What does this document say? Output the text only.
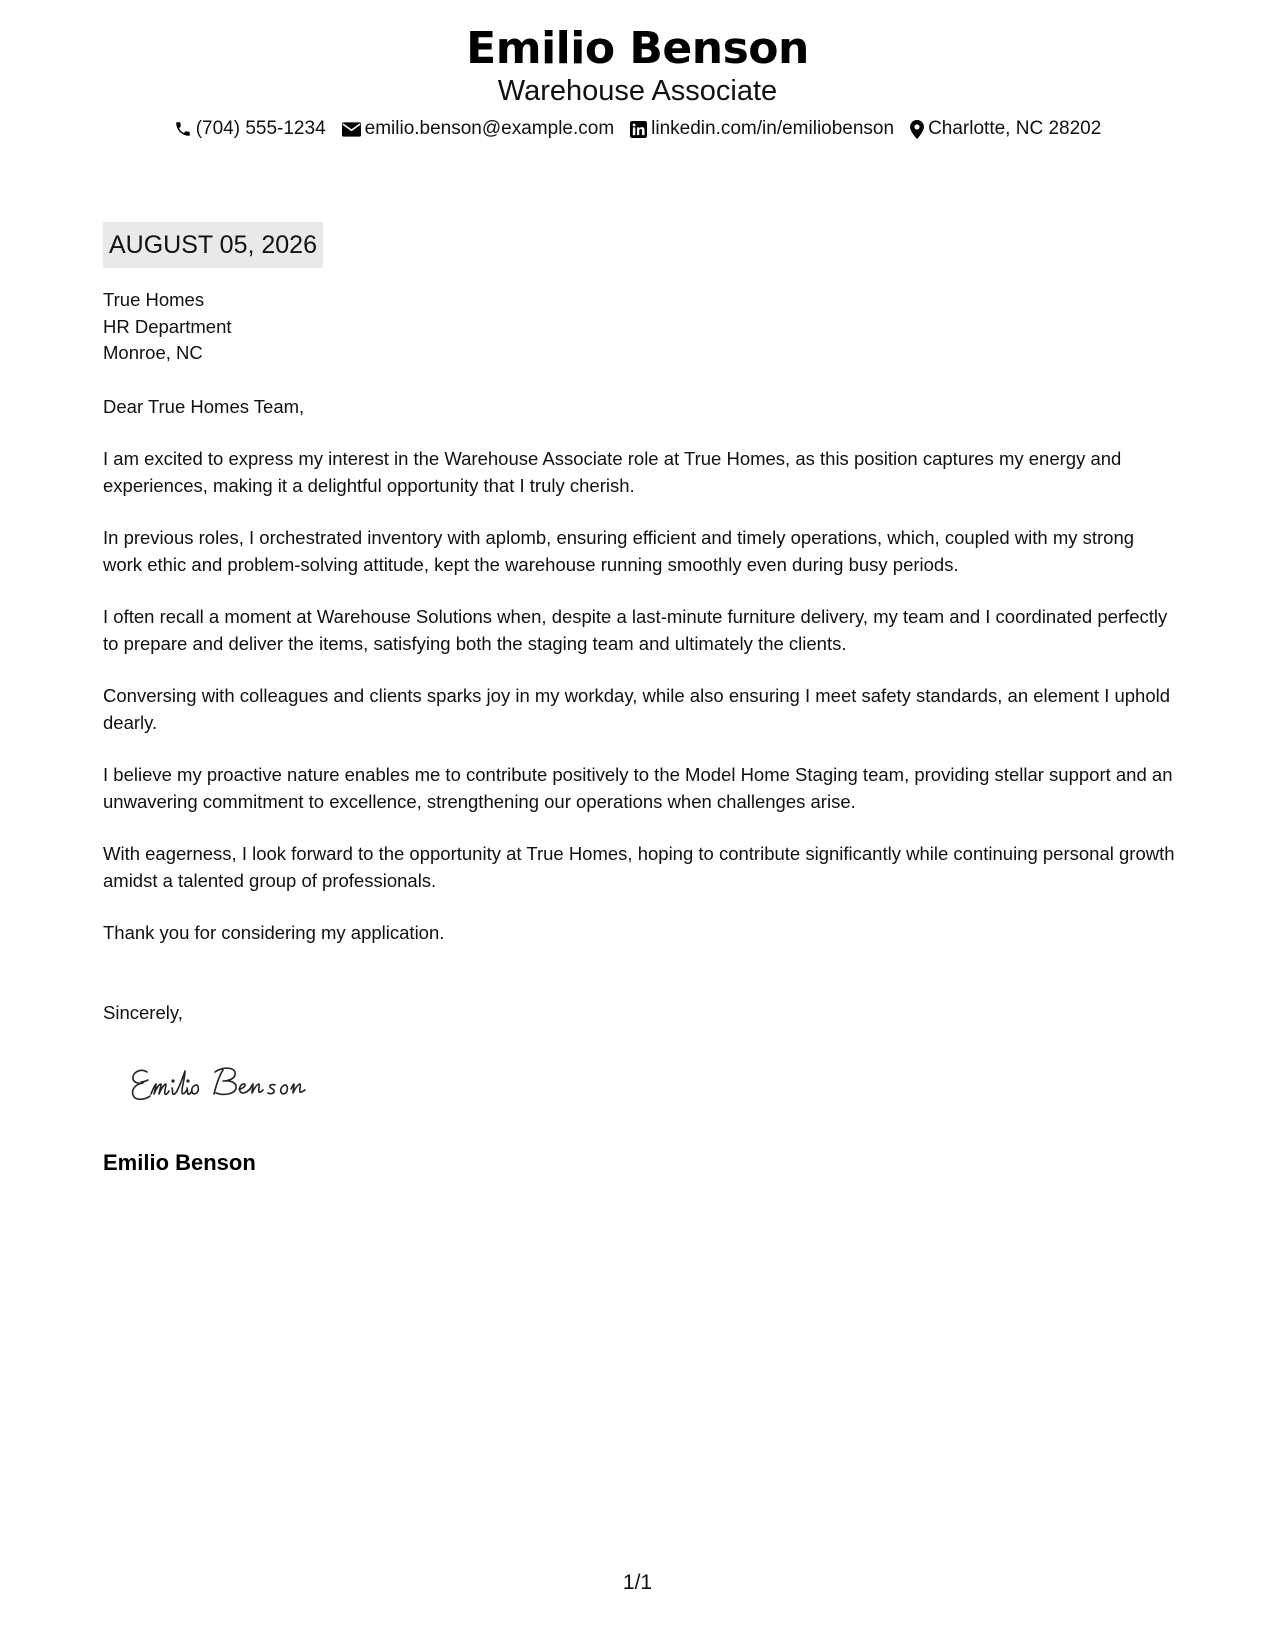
Emilio Benson
Warehouse Associate
(704) 555-1234 emilio.benson@example.com linkedin.com/in/emiliobenson Charlotte, NC 28202
AUGUST 05, 2026
True Homes
HR Department
Monroe, NC
Dear True Homes Team,
I am excited to express my interest in the Warehouse Associate role at True Homes, as this position captures my energy and experiences, making it a delightful opportunity that I truly cherish.
In previous roles, I orchestrated inventory with aplomb, ensuring efficient and timely operations, which, coupled with my strong work ethic and problem-solving attitude, kept the warehouse running smoothly even during busy periods.
I often recall a moment at Warehouse Solutions when, despite a last-minute furniture delivery, my team and I coordinated perfectly to prepare and deliver the items, satisfying both the staging team and ultimately the clients.
Conversing with colleagues and clients sparks joy in my workday, while also ensuring I meet safety standards, an element I uphold dearly.
I believe my proactive nature enables me to contribute positively to the Model Home Staging team, providing stellar support and an unwavering commitment to excellence, strengthening our operations when challenges arise.
With eagerness, I look forward to the opportunity at True Homes, hoping to contribute significantly while continuing personal growth amidst a talented group of professionals.
Thank you for considering my application.
Sincerely,
Emilio Benson
1/1
